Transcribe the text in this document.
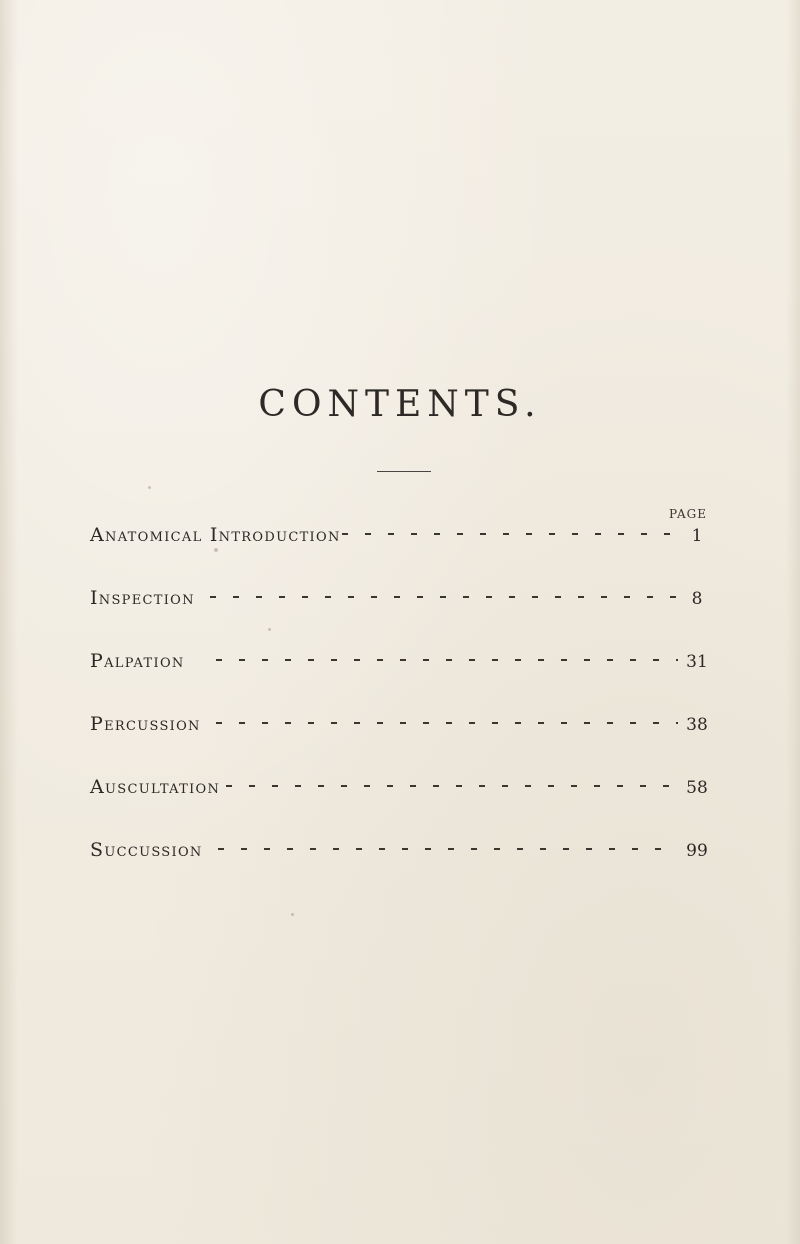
CONTENTS.
PAGE
Anatomical Introduction	1
Inspection	8
Palpation	31
Percussion	38
Auscultation	58
Succussion	99
